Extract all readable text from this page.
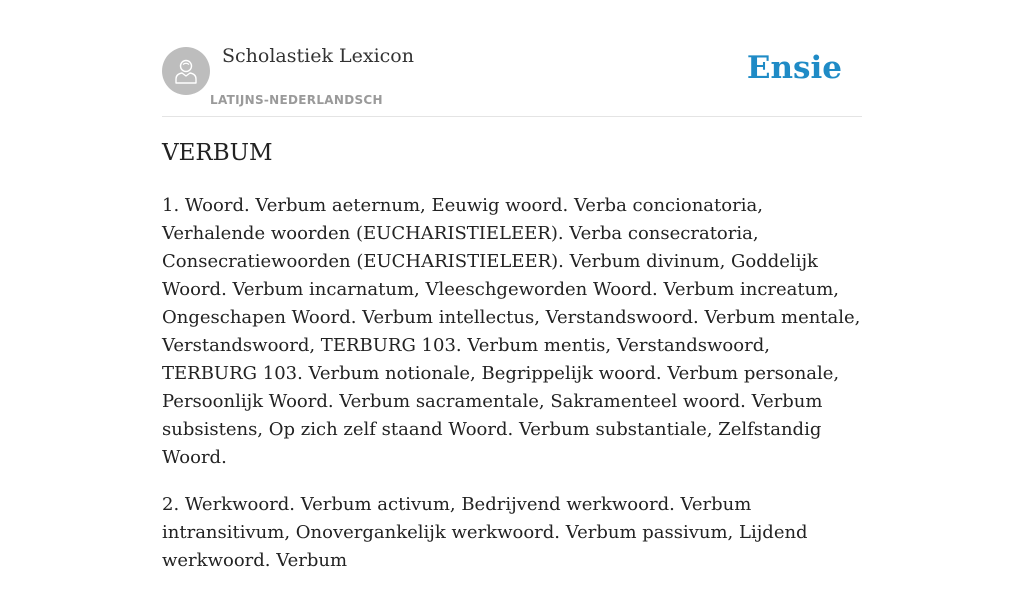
Scholastiek Lexicon
LATIJNS-NEDERLANDSCH
Ensie
VERBUM

1. Woord. Verbum aeternum, Eeuwig woord. Verba concionatoria, Verhalende woorden (EUCHARISTIELEER). Verba consecratoria, Consecratiewoorden (EUCHARISTIELEER). Verbum divinum, Goddelijk Woord. Verbum incarnatum, Vleeschgeworden Woord. Verbum increatum, Ongeschapen Woord. Verbum intellectus, Verstandswoord. Verbum mentale, Verstandswoord, TERBURG 103. Verbum mentis, Verstandswoord, TERBURG 103. Verbum notionale, Begrippelijk woord. Verbum personale, Persoonlijk Woord. Verbum sacramentale, Sakramenteel woord. Verbum subsistens, Op zich zelf staand Woord. Verbum substantiale, Zelfstandig Woord.

2. Werkwoord. Verbum activum, Bedrijvend werkwoord. Verbum intransitivum, Onovergankelijk werkwoord. Verbum passivum, Lijdend werkwoord. Verbum
